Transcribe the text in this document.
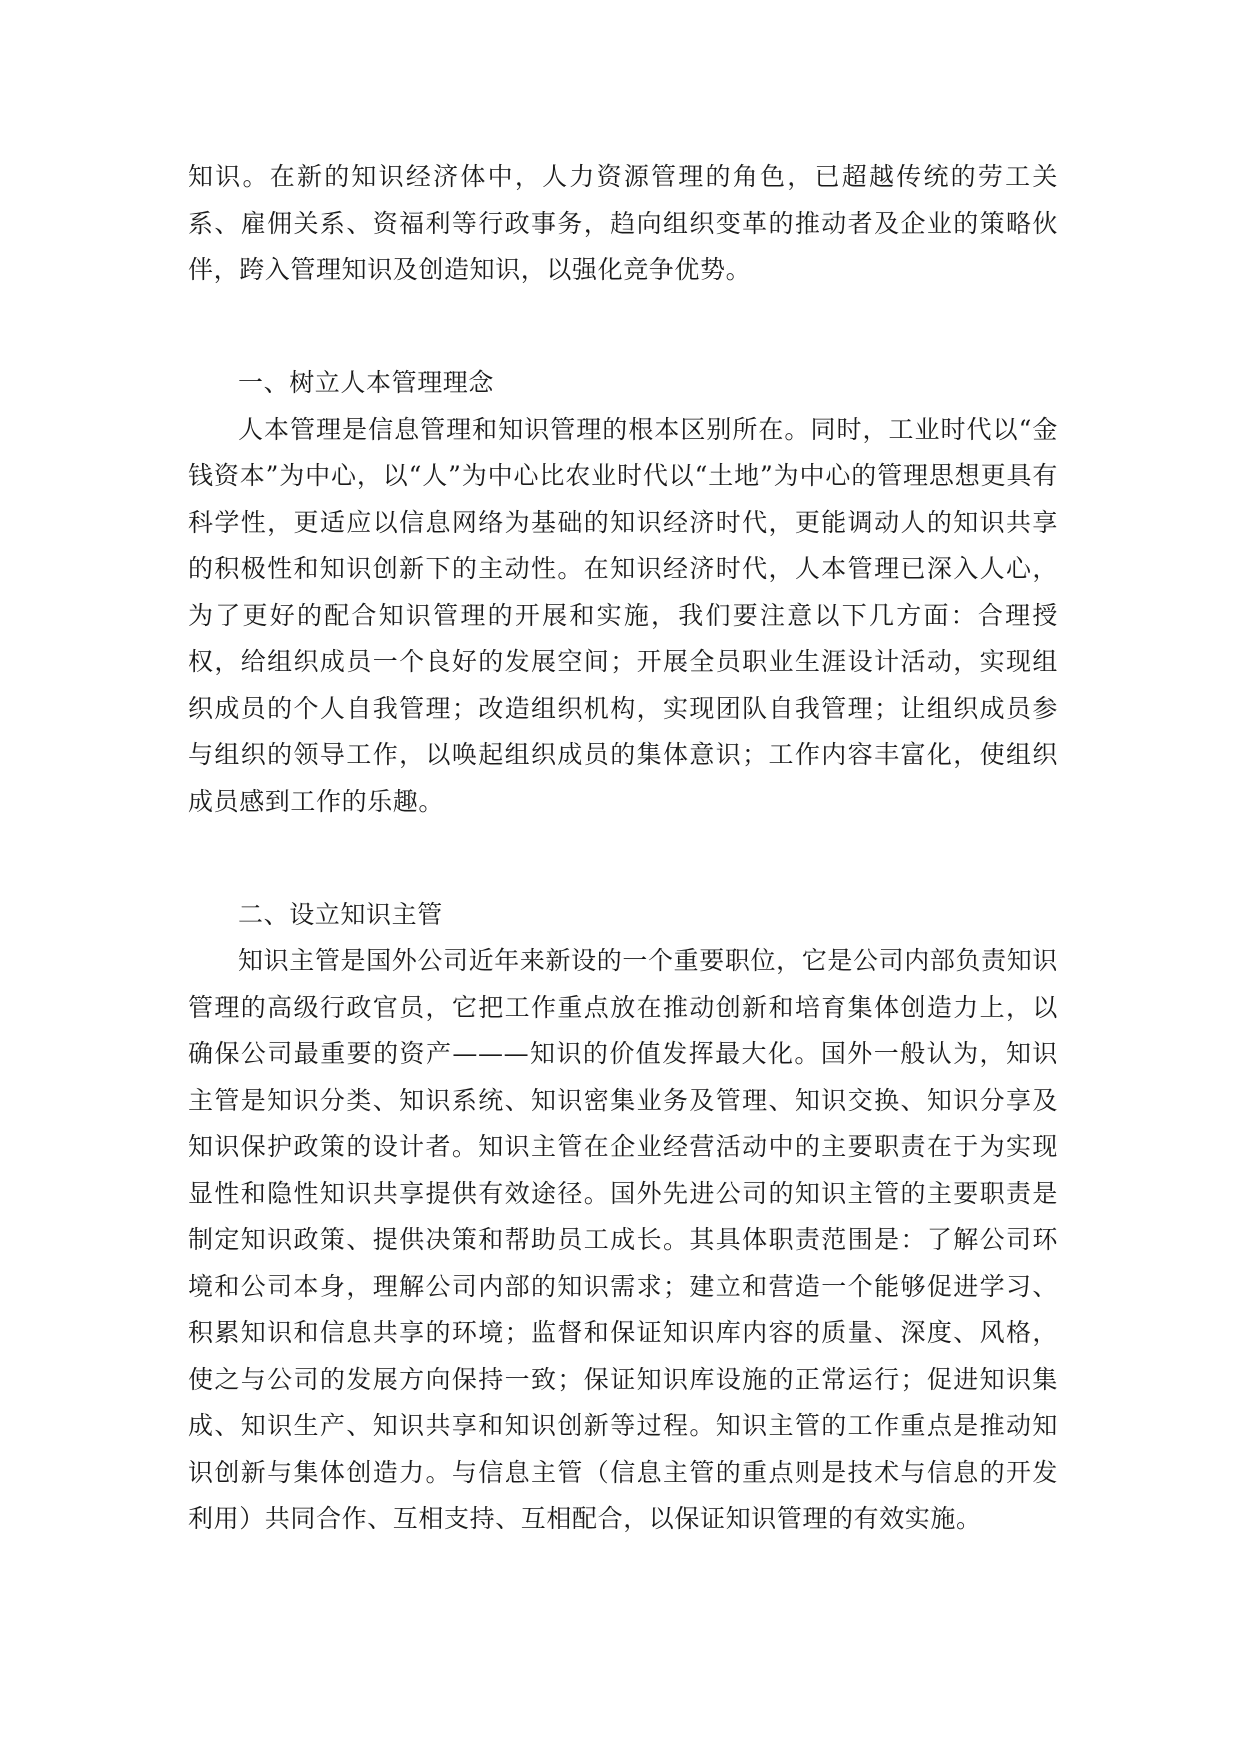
知识。在新的知识经济体中，人力资源管理的角色，已超越传统的劳工关系、雇佣关系、资福利等行政事务，趋向组织变革的推动者及企业的策略伙伴，跨入管理知识及创造知识，以强化竞争优势。

一、树立人本管理理念

人本管理是信息管理和知识管理的根本区别所在。同时，工业时代以“金钱资本”为中心，以“人”为中心比农业时代以“土地”为中心的管理思想更具有科学性，更适应以信息网络为基础的知识经济时代，更能调动人的知识共享的积极性和知识创新下的主动性。在知识经济时代，人本管理已深入人心，为了更好的配合知识管理的开展和实施，我们要注意以下几方面：合理授权，给组织成员一个良好的发展空间；开展全员职业生涯设计活动，实现组织成员的个人自我管理；改造组织机构，实现团队自我管理；让组织成员参与组织的领导工作，以唤起组织成员的集体意识；工作内容丰富化，使组织成员感到工作的乐趣。

二、设立知识主管

知识主管是国外公司近年来新设的一个重要职位，它是公司内部负责知识管理的高级行政官员，它把工作重点放在推动创新和培育集体创造力上，以确保公司最重要的资产———知识的价值发挥最大化。国外一般认为，知识主管是知识分类、知识系统、知识密集业务及管理、知识交换、知识分享及知识保护政策的设计者。知识主管在企业经营活动中的主要职责在于为实现显性和隐性知识共享提供有效途径。国外先进公司的知识主管的主要职责是制定知识政策、提供决策和帮助员工成长。其具体职责范围是：了解公司环境和公司本身，理解公司内部的知识需求；建立和营造一个能够促进学习、积累知识和信息共享的环境；监督和保证知识库内容的质量、深度、风格，使之与公司的发展方向保持一致；保证知识库设施的正常运行；促进知识集成、知识生产、知识共享和知识创新等过程。知识主管的工作重点是推动知识创新与集体创造力。与信息主管（信息主管的重点则是技术与信息的开发利用）共同合作、互相支持、互相配合，以保证知识管理的有效实施。
